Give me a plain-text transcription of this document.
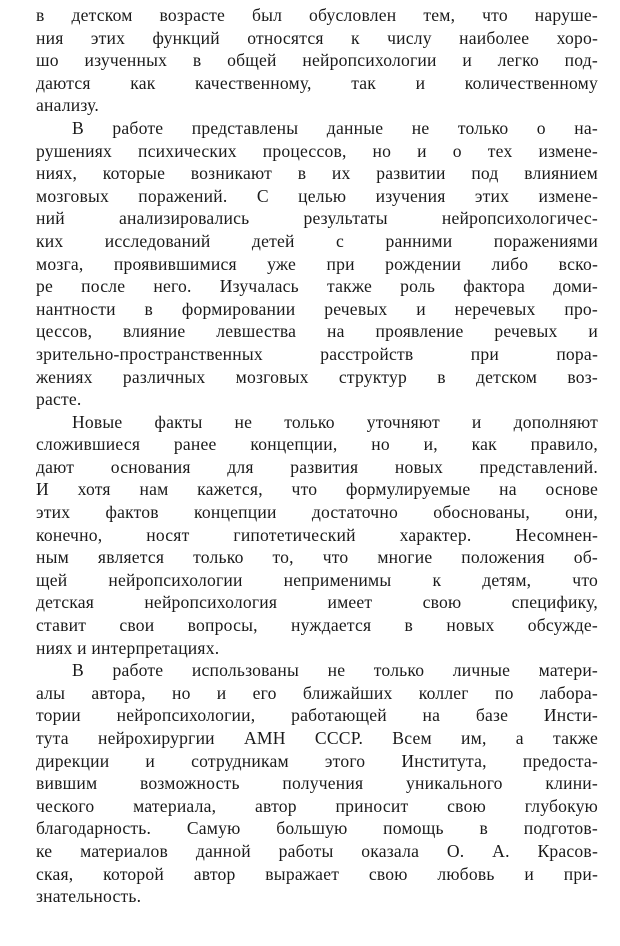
в детском возрасте был обусловлен тем, что наруше-
ния этих функций относятся к числу наиболее хоро-
шо изученных в общей нейропсихологии и легко под-
даются как качественному, так и количественному
анализу.
В работе представлены данные не только о на-
рушениях психических процессов, но и о тех измене-
ниях, которые возникают в их развитии под влиянием
мозговых поражений. С целью изучения этих измене-
ний анализировались результаты нейропсихологичес-
ких исследований детей с ранними поражениями
мозга, проявившимися уже при рождении либо вско-
ре после него. Изучалась также роль фактора доми-
нантности в формировании речевых и неречевых про-
цессов, влияние левшества на проявление речевых и
зрительно-пространственных расстройств при пора-
жениях различных мозговых структур в детском воз-
расте.
Новые факты не только уточняют и дополняют
сложившиеся ранее концепции, но и, как правило,
дают основания для развития новых представлений.
И хотя нам кажется, что формулируемые на основе
этих фактов концепции достаточно обоснованы, они,
конечно, носят гипотетический характер. Несомнен-
ным является только то, что многие положения об-
щей нейропсихологии неприменимы к детям, что
детская нейропсихология имеет свою специфику,
ставит свои вопросы, нуждается в новых обсужде-
ниях и интерпретациях.
В работе использованы не только личные матери-
алы автора, но и его ближайших коллег по лабора-
тории нейропсихологии, работающей на базе Инсти-
тута нейрохирургии АМН СССР. Всем им, а также
дирекции и сотрудникам этого Института, предоста-
вившим возможность получения уникального клини-
ческого материала, автор приносит свою глубокую
благодарность. Самую большую помощь в подготов-
ке материалов данной работы оказала О. А. Красов-
ская, которой автор выражает свою любовь и при-
знательность.
